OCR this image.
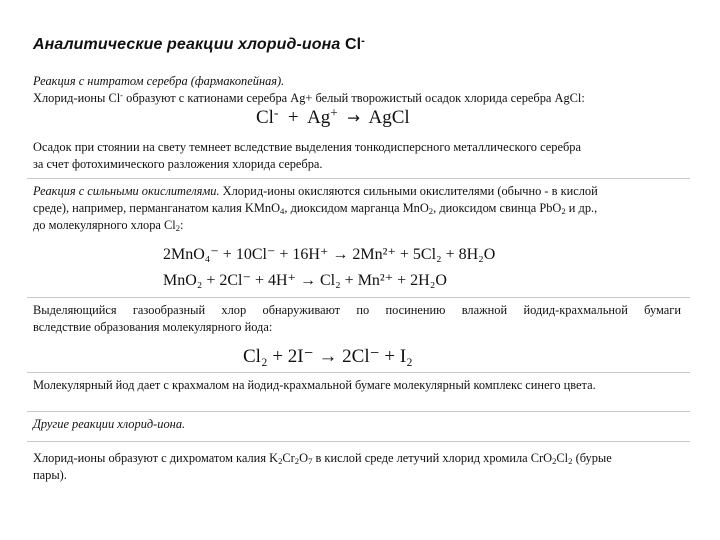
Аналитические реакции хлорид-иона Cl-
Реакция с нитратом серебра (фармакопейная).
Хлорид-ионы Cl- образуют с катионами серебра Ag+ белый творожистый осадок хлорида серебра AgCl:
Cl- + Ag+ → AgCl
Осадок при стоянии на свету темнеет вследствие выделения тонкодисперсного металлического серебра
за счет фотохимического разложения хлорида серебра.
Реакция с сильными окислителями. Хлорид-ионы окисляются сильными окислителями (обычно - в кислой
среде), например, перманганатом калия KMnO$_4$, диоксидом марганца MnO$_2$, диоксидом свинца PbO$_2$ и др.,
до молекулярного хлора $Cl_2$:
2MnO₄⁻ + 10Cl⁻ + 16H⁺ → 2Mn²⁺ + 5Cl₂ + 8H₂O
MnO₂ + 2Cl⁻ + 4H⁺ → Cl₂ + Mn²⁺ + 2H₂O
Выделяющийся газообразный хлор обнаруживают по посинению влажной йодид-крахмальной бумаги
вследствие образования молекулярного йода:
Cl₂ + 2I⁻ → 2Cl⁻ + I₂
Молекулярный йод дает с крахмалом на йодид-крахмальной бумаге молекулярный комплекс синего цвета.
Другие реакции хлорид-иона.
Хлорид-ионы образуют с дихроматом калия $K_2Cr_2O_7$ в кислой среде летучий хлорид хромила $CrO_2Cl_2$ (бурые
пары).
